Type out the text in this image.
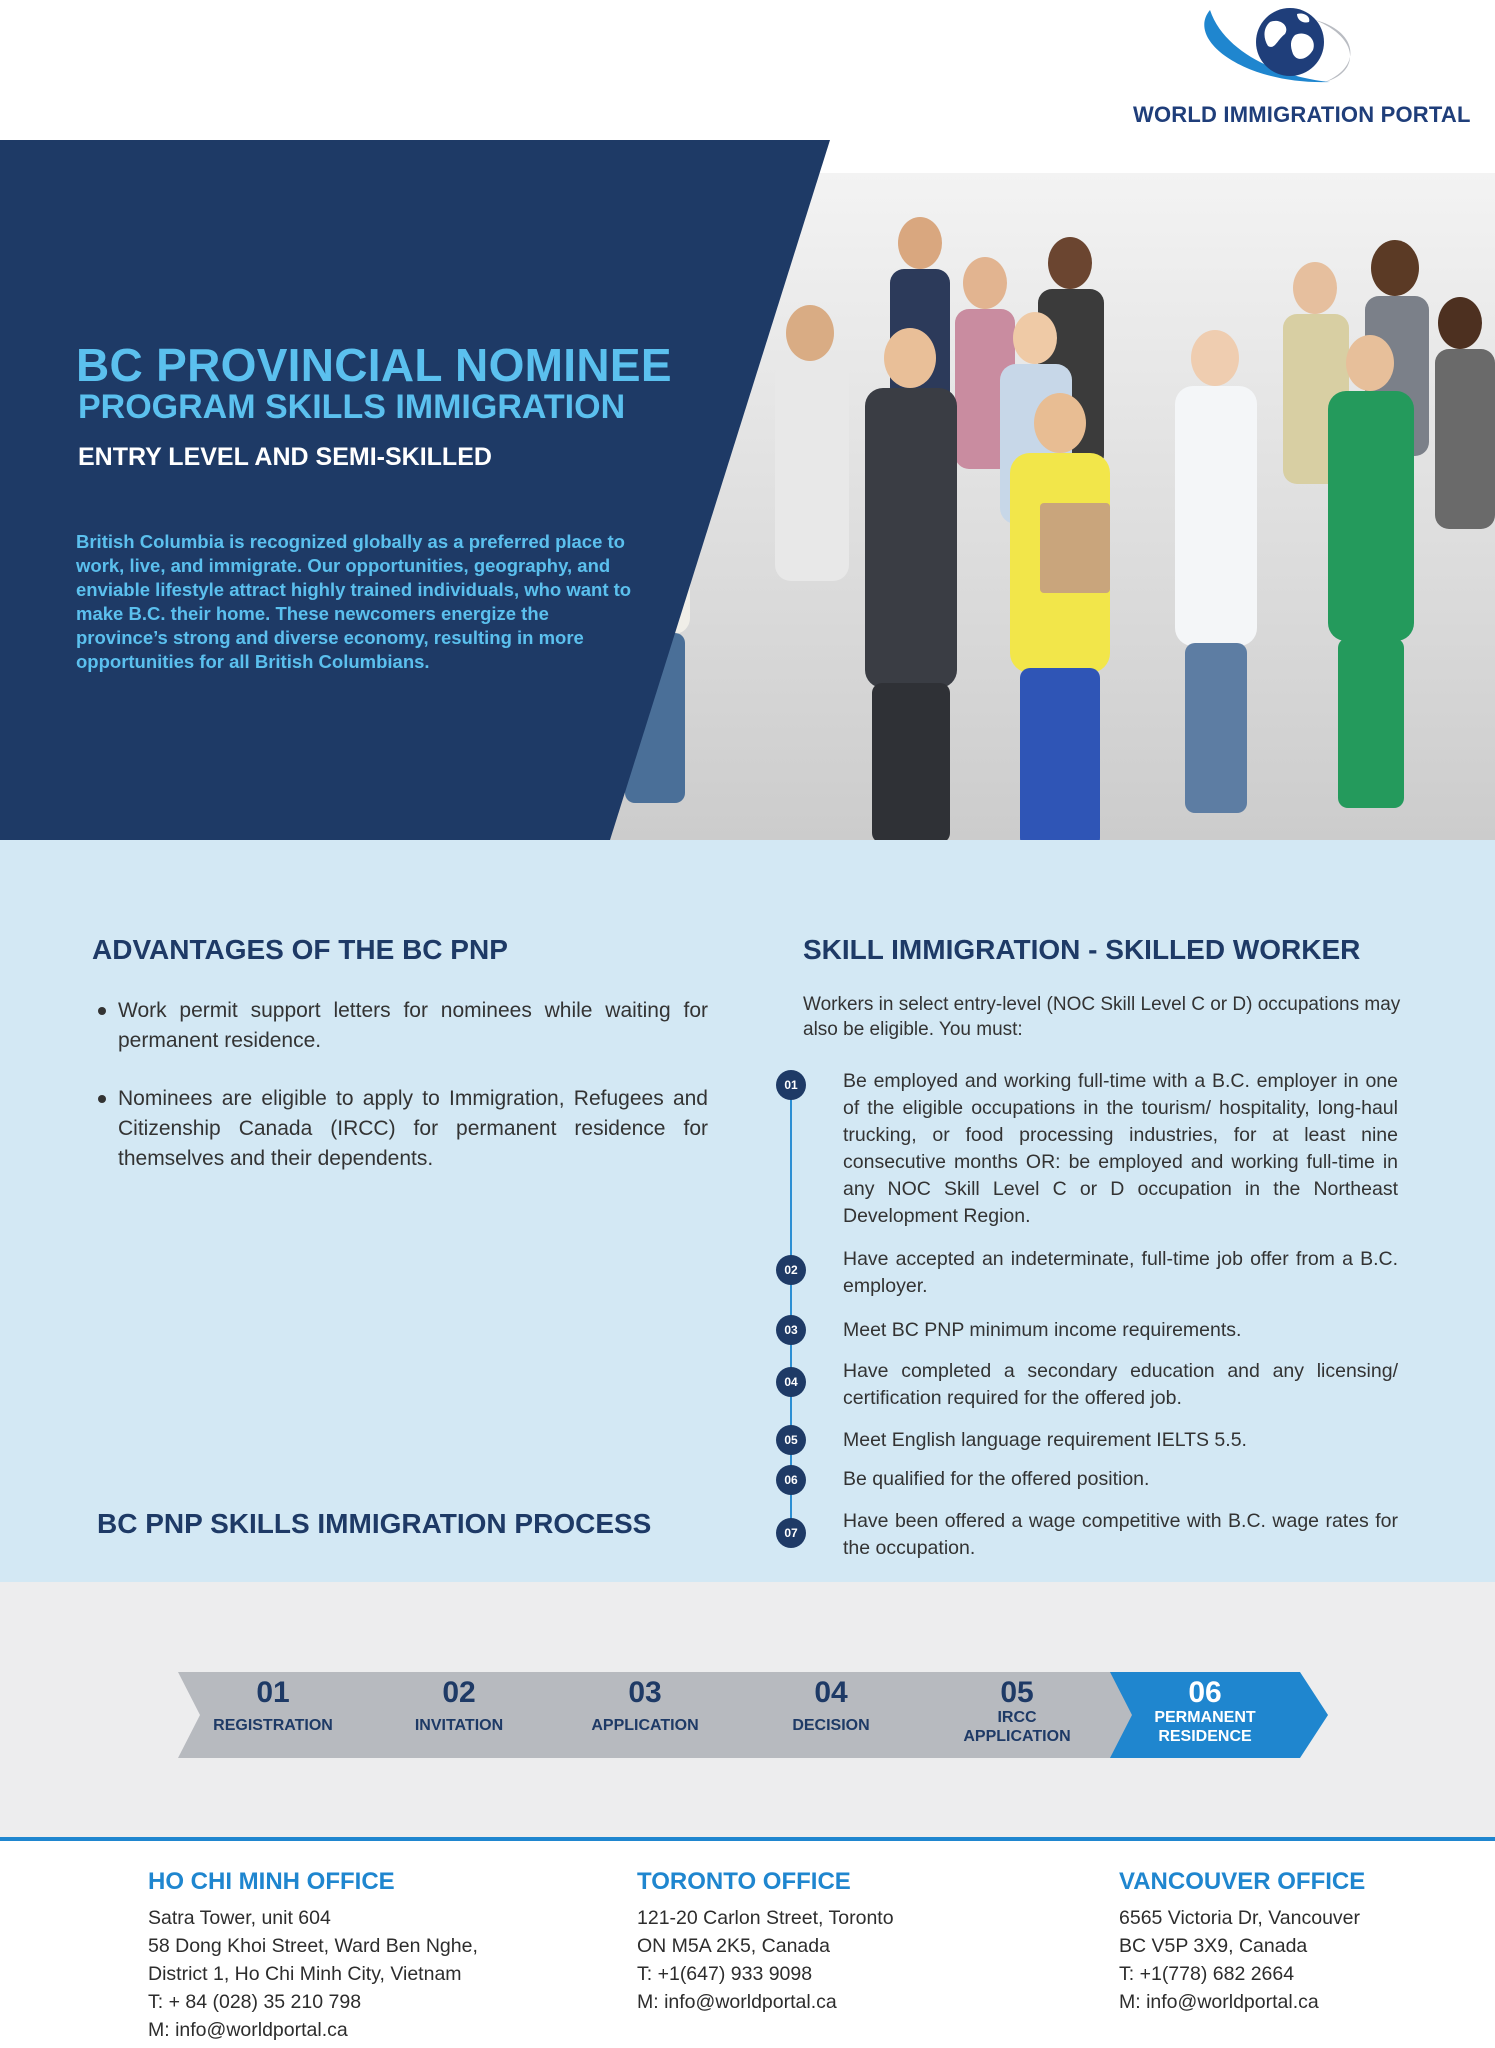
WORLD IMMIGRATION PORTAL
BC PROVINCIAL NOMINEE
PROGRAM SKILLS IMMIGRATION
ENTRY LEVEL AND SEMI-SKILLED
British Columbia is recognized globally as a preferred place to work, live, and immigrate. Our opportunities, geography, and enviable lifestyle attract highly trained individuals, who want to make B.C. their home. These newcomers energize the province’s strong and diverse economy, resulting in more opportunities for all British Columbians.
ADVANTAGES OF THE BC PNP
Work permit support letters for nominees while waiting for permanent residence.
Nominees are eligible to apply to Immigration, Refugees and Citizenship Canada (IRCC) for permanent residence for themselves and their dependents.
SKILL IMMIGRATION - SKILLED WORKER
Workers in select entry-level (NOC Skill Level C or D) occupations may also be eligible. You must:
01	Be employed and working full-time with a B.C. employer in one of the eligible occupations in the tourism/ hospitality, long-haul trucking, or food processing industries, for at least nine consecutive months OR: be employed and working full-time in any NOC Skill Level C or D occupation in the Northeast Development Region.
02	Have accepted an indeterminate, full-time job offer from a B.C. employer.
03	Meet BC PNP minimum income requirements.
04	Have completed a secondary education and any licensing/ certification required for the offered job.
05	Meet English language requirement IELTS 5.5.
06	Be qualified for the offered position.
07
Have been offered a wage competitive with B.C. wage rates for the occupation.
BC PNP SKILLS IMMIGRATION PROCESS
01
REGISTRATION
02
INVITATION
03
APPLICATION
04
DECISION
05
IRCC
APPLICATION
06
PERMANENT
RESIDENCE
HO CHI MINH OFFICE
Satra Tower, unit 604
58 Dong Khoi Street, Ward Ben Nghe,
District 1, Ho Chi Minh City, Vietnam
T: + 84 (028) 35 210 798
M: info@worldportal.ca
TORONTO OFFICE
121-20 Carlon Street, Toronto
ON M5A 2K5, Canada
T: +1(647) 933 9098
M: info@worldportal.ca
VANCOUVER OFFICE
6565 Victoria Dr, Vancouver
BC V5P 3X9, Canada
T: +1(778) 682 2664
M: info@worldportal.ca
